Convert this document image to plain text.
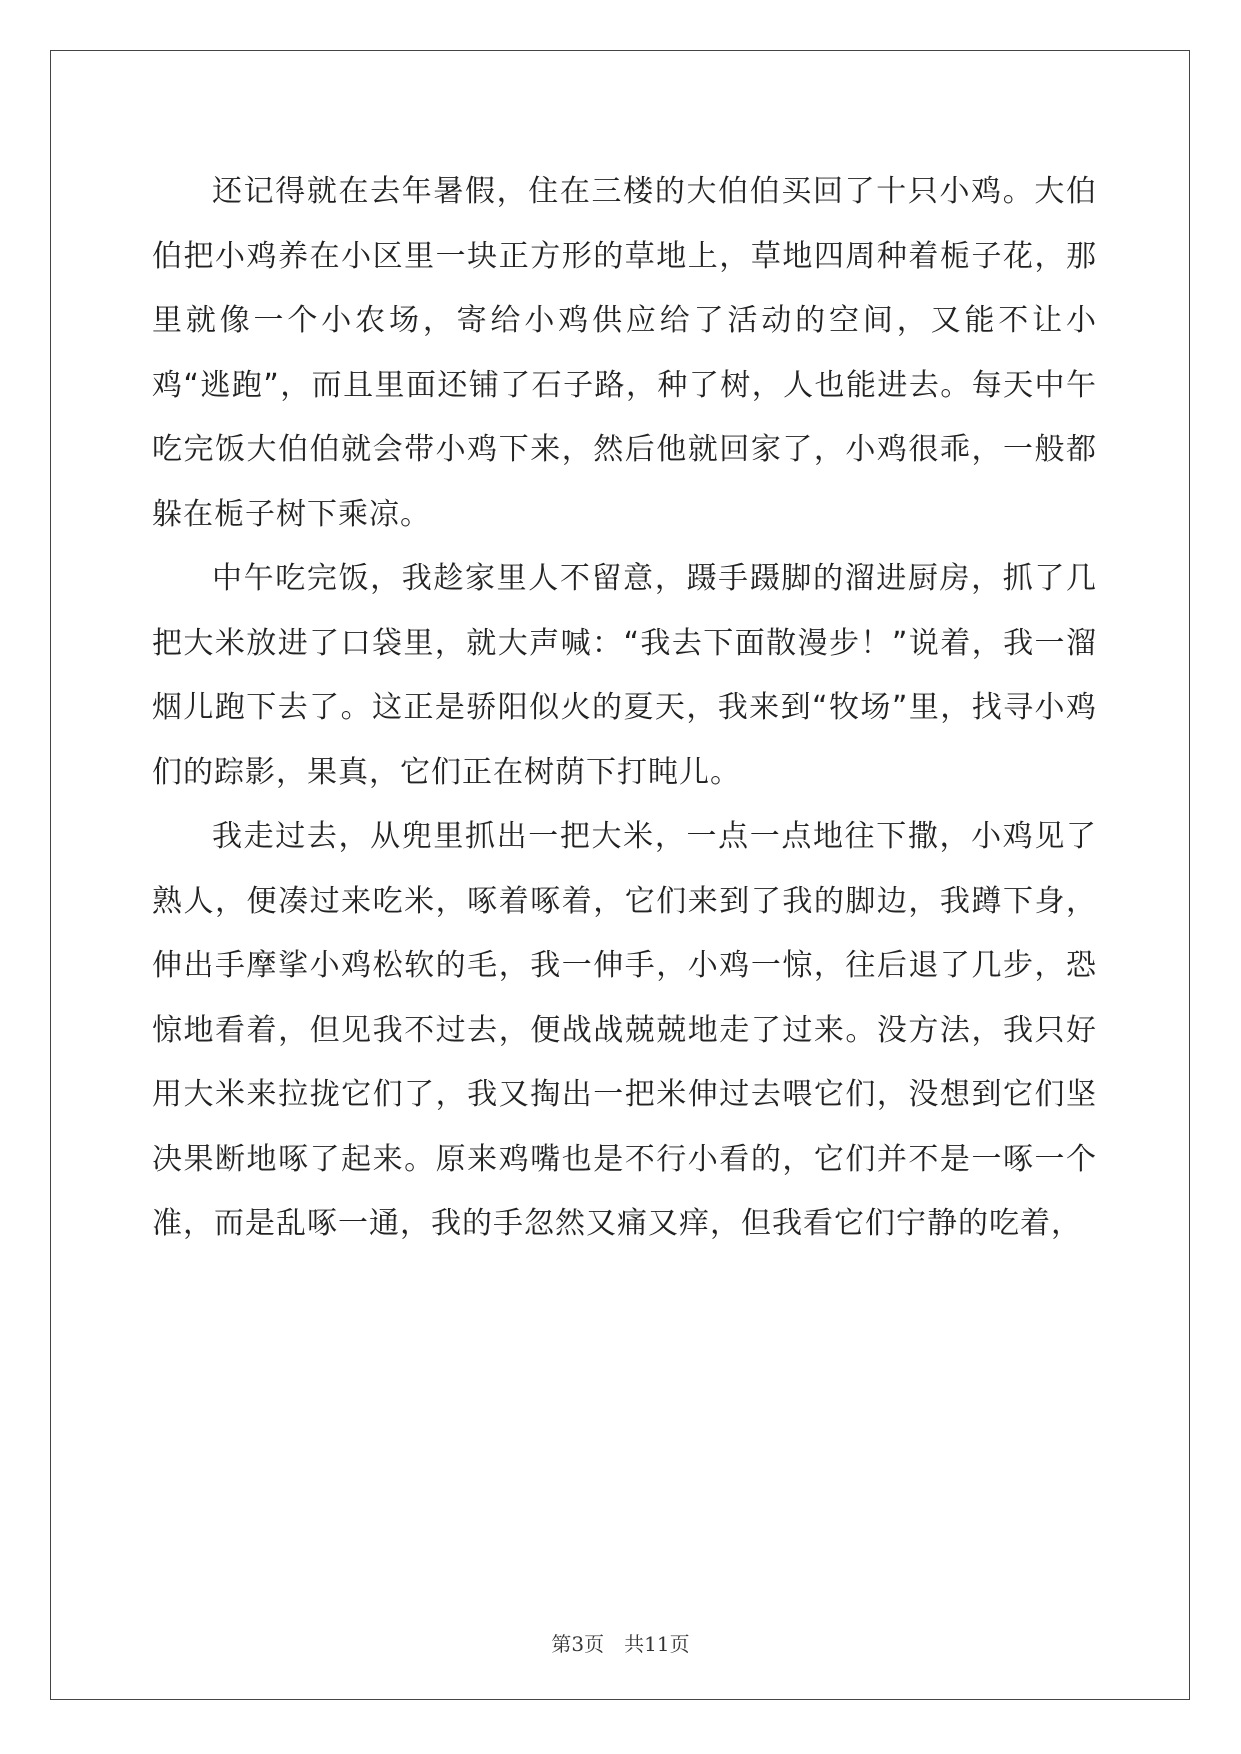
还记得就在去年暑假，住在三楼的大伯伯买回了十只小鸡。大伯伯把小鸡养在小区里一块正方形的草地上，草地四周种着栀子花，那里就像一个小农场，寄给小鸡供应给了活动的空间，又能不让小鸡“逃跑”，而且里面还铺了石子路，种了树，人也能进去。每天中午吃完饭大伯伯就会带小鸡下来，然后他就回家了，小鸡很乖，一般都躲在栀子树下乘凉。

中午吃完饭，我趁家里人不留意，蹑手蹑脚的溜进厨房，抓了几把大米放进了口袋里，就大声喊：“我去下面散漫步！”说着，我一溜烟儿跑下去了。这正是骄阳似火的夏天，我来到“牧场”里，找寻小鸡们的踪影，果真，它们正在树荫下打盹儿。

我走过去，从兜里抓出一把大米，一点一点地往下撒，小鸡见了熟人，便凑过来吃米，啄着啄着，它们来到了我的脚边，我蹲下身，伸出手摩挲小鸡松软的毛，我一伸手，小鸡一惊，往后退了几步，恐惊地看着，但见我不过去，便战战兢兢地走了过来。没方法，我只好用大米来拉拢它们了，我又掏出一把米伸过去喂它们，没想到它们坚决果断地啄了起来。原来鸡嘴也是不行小看的，它们并不是一啄一个准，而是乱啄一通，我的手忽然又痛又痒，但我看它们宁静的吃着，

第3页 共11页
